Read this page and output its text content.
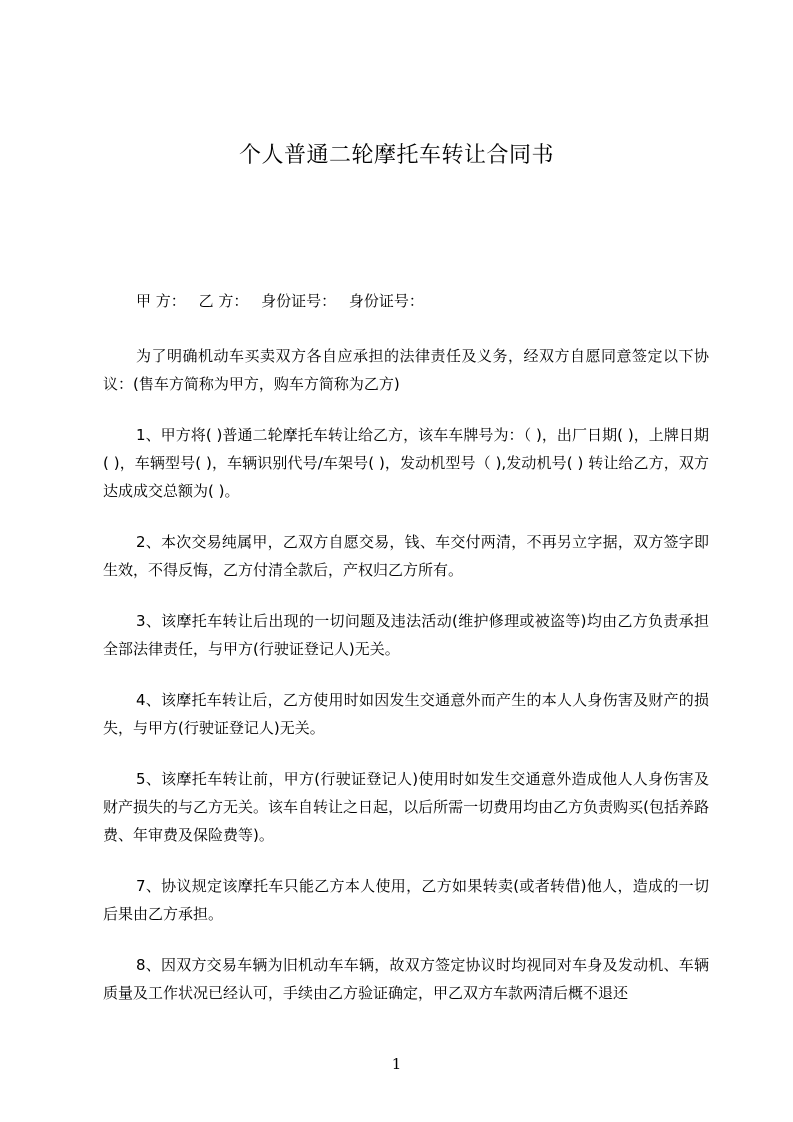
个人普通二轮摩托车转让合同书
甲 方： 乙 方： 身份证号： 身份证号：

为了明确机动车买卖双方各自应承担的法律责任及义务，经双方自愿同意签定以下协议：(售车方简称为甲方，购车方简称为乙方)

1、甲方将( )普通二轮摩托车转让给乙方，该车车牌号为：（ )，出厂日期( )，上牌日期( )，车辆型号( )，车辆识别代号/车架号( )，发动机型号（ ),发动机号( ) 转让给乙方，双方达成成交总额为( )。

2、本次交易纯属甲，乙双方自愿交易，钱、车交付两清，不再另立字据，双方签字即生效，不得反悔，乙方付清全款后，产权归乙方所有。

3、该摩托车转让后出现的一切问题及违法活动(维护修理或被盗等)均由乙方负责承担全部法律责任，与甲方(行驶证登记人)无关。

4、该摩托车转让后，乙方使用时如因发生交通意外而产生的本人人身伤害及财产的损失，与甲方(行驶证登记人)无关。

5、该摩托车转让前，甲方(行驶证登记人)使用时如发生交通意外造成他人人身伤害及财产损失的与乙方无关。该车自转让之日起，以后所需一切费用均由乙方负责购买(包括养路费、年审费及保险费等)。

7、协议规定该摩托车只能乙方本人使用，乙方如果转卖(或者转借)他人，造成的一切后果由乙方承担。

8、因双方交易车辆为旧机动车车辆，故双方签定协议时均视同对车身及发动机、车辆质量及工作状况已经认可，手续由乙方验证确定，甲乙双方车款两清后概不退还

1
